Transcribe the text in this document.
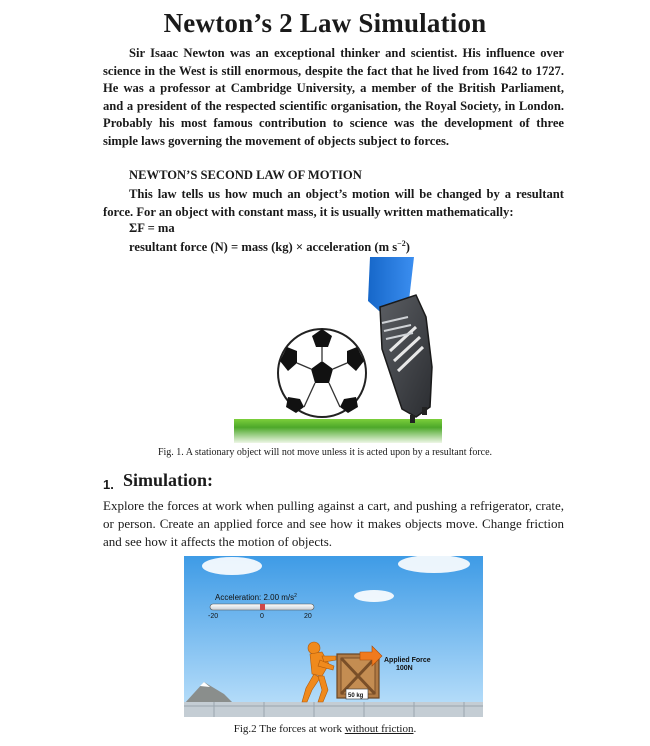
Newton’s 2 Law Simulation

Sir Isaac Newton was an exceptional thinker and scientist. His influence over science in the West is still enormous, despite the fact that he lived from 1642 to 1727. He was a professor at Cambridge University, a member of the British Parliament, and a president of the respected scientific organisation, the Royal Society, in London. Probably his most famous contribution to science was the development of three simple laws governing the movement of objects subject to forces.

NEWTON’S SECOND LAW OF MOTION

This law tells us how much an object’s motion will be changed by a resultant force. For an object with constant mass, it is usually written mathematically:

ΣF = ma
resultant force (N) = mass (kg) × acceleration (m $s^{-2}$)
Fig. 1. A stationary object will not move unless it is acted upon by a resultant force.
1. Simulation:

Explore the forces at work when pulling against a cart, and pushing a refrigerator, crate, or person. Create an applied force and see how it makes objects move. Change friction and see how it affects the motion of objects.

Acceleration: 2.00 $m/s^2$
-20	0	20
50 kg
Applied Force
100N
Fig.2 The forces at work without friction.
